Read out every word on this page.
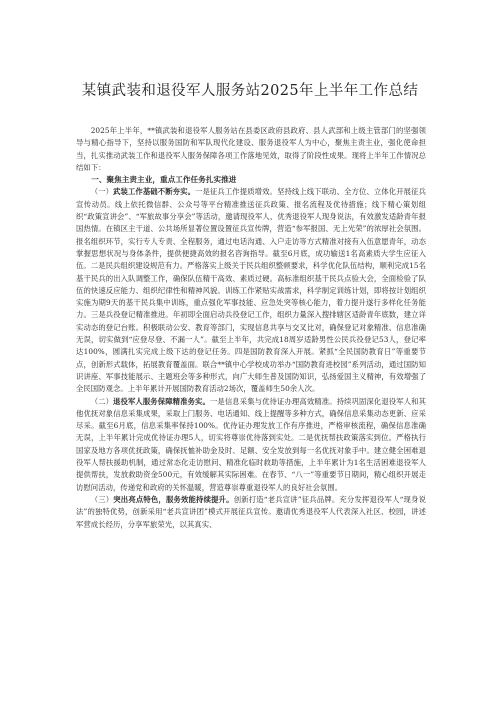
某镇武装和退役军人服务站2025年上半年工作总结

2025年上半年，**镇武装和退役军人服务站在县委区政府县政府、县人武部和上级主管部门的坚强领导与精心指导下，坚持以服务国防和军队现代化建设、服务退役军人为中心，聚焦主责主业，强化使命担当，扎实推动武装工作和退役军人服务保障各项工作落地见效，取得了阶段性成果。现将上半年工作情况总结如下：

一、聚焦主责主业，重点工作任务扎实推进

（一）武装工作基础不断夯实。一是征兵工作提质增效。坚持线上线下联动、全方位、立体化开展征兵宣传动员。线上依托微信群、公众号等平台精准推送征兵政策、报名流程及优待措施；线下精心策划组织“政策宣讲会”、“军旅故事分享会”等活动，邀请现役军人、优秀退役军人现身说法，有效激发适龄青年报国热情。在镇区主干道、公共场所显著位置设置征兵宣传牌，营造“参军报国、无上光荣”的浓厚社会氛围。报名组织环节，实行专人专责、全程服务，通过电话沟通、入户走访等方式精准对接有入伍意愿青年，动态掌握思想状况与身体条件，提供便捷高效的报名咨询指导。截至6月底，成功输送1名高素质大学生应征入伍。二是民兵组织建设规范有力。严格落实上级关于民兵组织整顿要求，科学优化队伍结构，顺利完成15名基干民兵的出入队调整工作，确保队伍精干高效、素质过硬。高标准组织基干民兵点验大会，全面检验了队伍的快速反应能力、组织纪律性和精神风貌。训练工作紧贴实战需求，科学制定训练计划，即将按计划组织实施为期9天的基干民兵集中训练，重点强化军事技能、应急处突等核心能力，着力提升遂行多样化任务能力。三是兵役登记精准推进。年初即全面启动兵役登记工作，组织力量深入搜排辖区适龄青年底数，建立详实动态的登记台账。积极联动公安、教育等部门，实现信息共享与交叉比对，确保登记对象精准、信息准确无误，切实做到“应登尽登、不漏一人”。截至上半年，共完成18周岁适龄男性公民兵役登记53人，登记率达100%，圆满扎实完成上级下达的登记任务。四是国防教育深入开展。紧抓“全民国防教育日”等重要节点，创新形式载体，拓展教育覆盖面。联合**镇中心学校成功举办“国防教育进校园”系列活动，通过国防知识讲座、军事技能展示、主题班会等多种形式，向广大师生普及国防知识，弘扬爱国主义精神，有效增强了全民国防观念。上半年累计开展国防教育活动2场次，覆盖师生50余人次。

（二）退役军人服务保障精准务实。一是信息采集与优待证办理高效精准。持续巩固深化退役军人和其他优抚对象信息采集成果，采取上门服务、电话通知、线上提醒等多种方式，确保信息采集动态更新、应采尽采。截至6月底，信息采集率保持100%。优待证办理发放工作有序推进，严格审核流程，确保信息准确无误，上半年累计完成优待证办理5人，切实将尊崇优待落到实处。二是优抚帮扶政策落实到位。严格执行国家及地方各项优抚政策，确保抚恤补助金及时、足额、安全发放到每一名优抚对象手中。建立健全困难退役军人帮扶援助机制，通过常态化走访慰问、精准化临时救助等措施，上半年累计为1名生活困难退役军人提供帮扶，发放救助资金500元，有效缓解其实际困难。在春节、“八一”等重要节日期间，精心组织开展走访慰问活动，传递党和政府的关怀温暖，营造尊崇尊重退役军人的良好社会氛围。

（三）突出亮点特色，服务效能持续提升。创新打造“老兵宣讲”征兵品牌。充分发挥退役军人“现身说法”的独特优势，创新采用“老兵宣讲团”模式开展征兵宣传。邀请优秀退役军人代表深入社区、校园，讲述军营成长经历，分享军旅荣光，以其真实、
